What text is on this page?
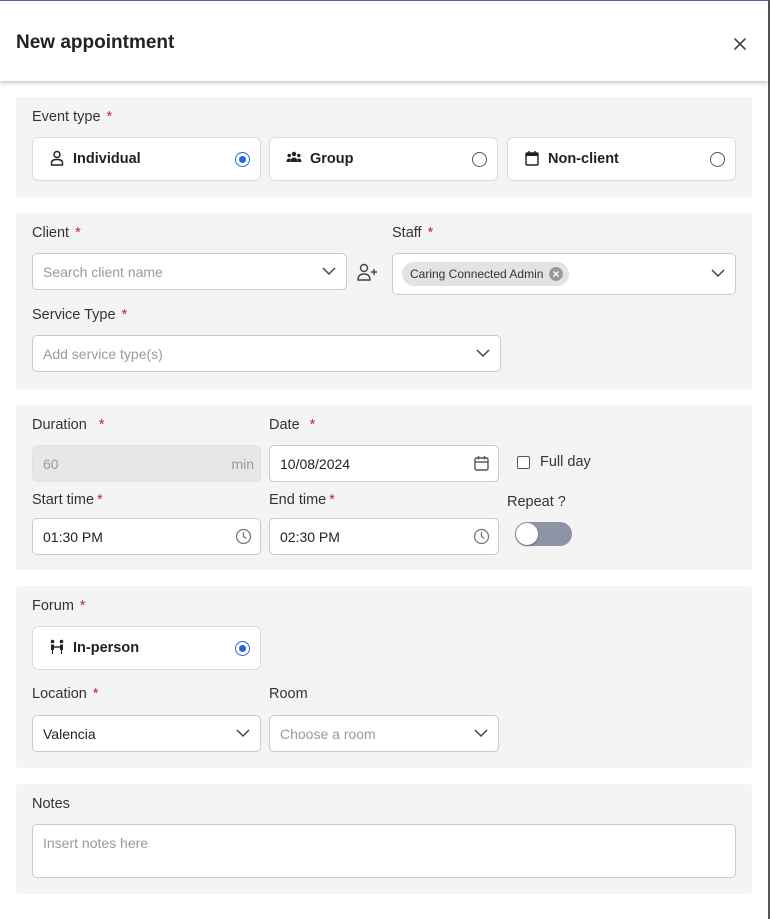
New appointment
Event type *
Individual	Group	Non-client
Client *
Search client name
Staff *
Caring Connected Admin
Service Type *
Add service type(s)
Duration *
60	min
Date *
10/08/2024	Full day
Start time *
01:30 PM
End time *
02:30 PM
Repeat ?
Forum *
In-person
Location *
Valencia
Room
Choose a room
Notes
Insert notes here
